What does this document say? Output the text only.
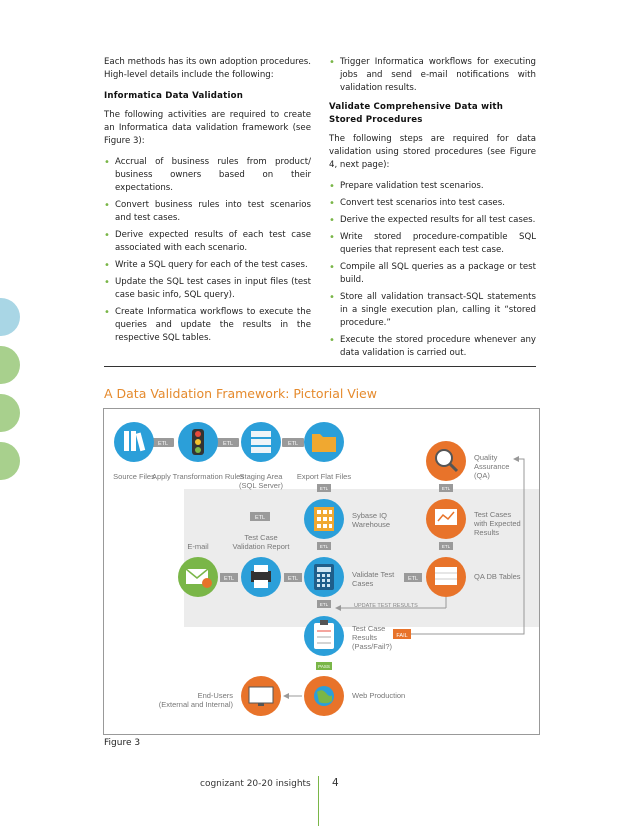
Each methods has its own adoption procedures. High-level details include the following:

Informatica Data Validation

The following activities are required to create an Informatica data validation framework (see Figure 3):

• Accrual of business rules from product/ business owners based on their expectations.
• Convert business rules into test scenarios and test cases.
• Derive expected results of each test case associated with each scenario.
• Write a SQL query for each of the test cases.
• Update the SQL test cases in input files (test case basic info, SQL query).
• Create Informatica workflows to execute the queries and update the results in the respective SQL tables.
• Trigger Informatica workflows for executing jobs and send e-mail notifications with validation results.
Validate Comprehensive Data with Stored Procedures

The following steps are required for data validation using stored procedures (see Figure 4, next page):

• Prepare validation test scenarios.
• Convert test scenarios into test cases.
• Derive the expected results for all test cases.
• Write stored procedure-compatible SQL queries that represent each test case.
• Compile all SQL queries as a package or test build.
• Store all validation transact-SQL statements in a single execution plan, calling it “stored procedure.”
• Execute the stored procedure whenever any data validation is carried out.
A Data Validation Framework: Pictorial View
ETL	ETL	ETL
Source Files
Apply Transformation Rules
Staging Area
(SQL Server)
Export Flat Files
Quality
Assurance
(QA)
ETL	ETL
Sybase IQ
Warehouse
Test Cases
with Expected
Results
ETL
Test Case
Validation Report
E-mail	ETL	ETL
ETL	ETL	Validate Test
Cases	ETL	QA DB Tables
UPDATE TEST RESULTS
ETL
Test Case
Results
(Pass/Fail?)
FAIL
PASS
Web Production
End-Users
(External and Internal)
Figure 3
cognizant 20-20 insights 4
